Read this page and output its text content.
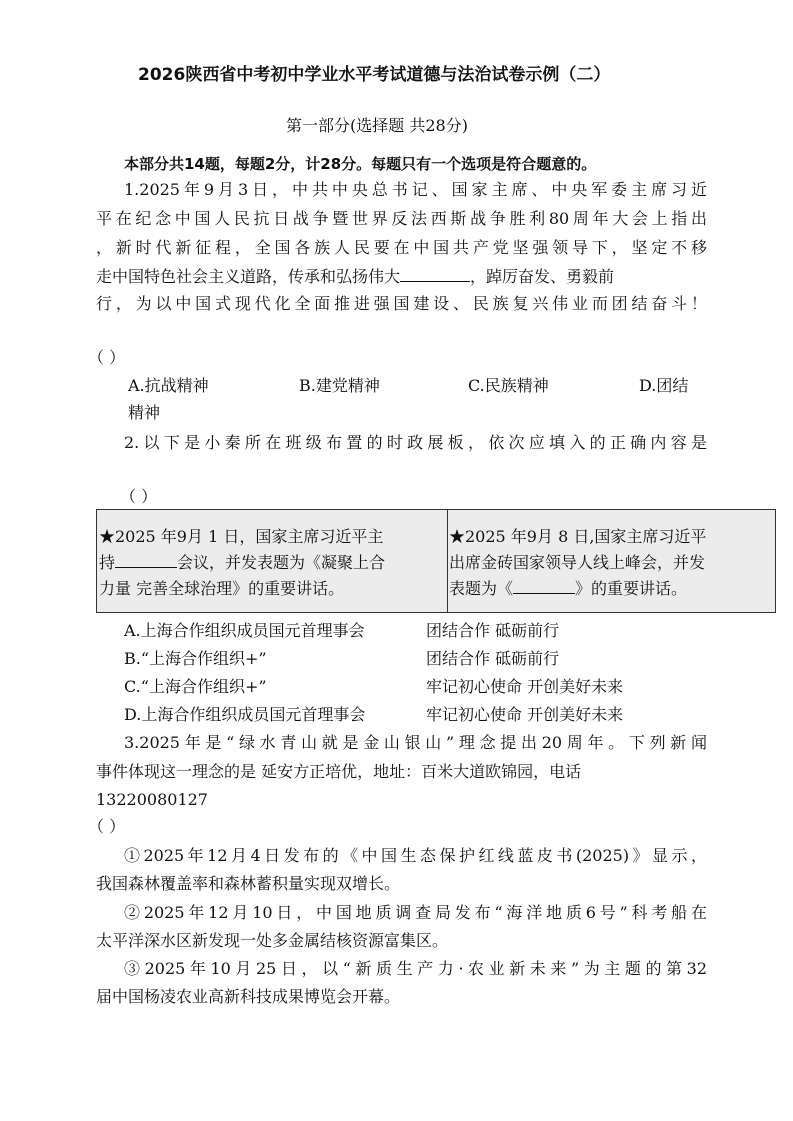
2026陕西省中考初中学业水平考试道德与法治试卷示例（二）
第一部分(选择题 共28分)
本部分共14题，每题2分，计28分。每题只有一个选项是符合题意的。
1.2025年9月3日，中共中央总书记、国家主席、中央军委主席习近
平在纪念中国人民抗日战争暨世界反法西斯战争胜利80周年大会上指出
，新时代新征程，全国各族人民要在中国共产党坚强领导下，坚定不移
走中国特色社会主义道路，传承和弘扬伟大	，踔厉奋发、勇毅前
行，为以中国式现代化全面推进强国建设、民族复兴伟业而团结奋斗！
（ ）
A.抗战精神	B.建党精神	C.民族精神	D.团结
精神
2.以下是小秦所在班级布置的时政展板，依次应填入的正确内容是
（ ）
★2025 年9月 1 日，国家主席习近平主
持	会议，并发表题为《凝聚上合
力量 完善全球治理》的重要讲话。
★2025 年9月 8 日,国家主席习近平
出席金砖国家领导人线上峰会，并发
表题为《	》的重要讲话。
A.上海合作组织成员国元首理事会	团结合作 砥砺前行
B.“上海合作组织+”	团结合作 砥砺前行
C.“上海合作组织+”	牢记初心使命 开创美好未来
D.上海合作组织成员国元首理事会	牢记初心使命 开创美好未来
3.2025年是“绿水青山就是金山银山”理念提出20周年。下列新闻
事件体现这一理念的是 延安方正培优，地址：百米大道欧锦园，电话
13220080127
（ ）
①2025年12月4日发布的《中国生态保护红线蓝皮书(2025)》显示，
我国森林覆盖率和森林蓄积量实现双增长。
②2025年12月10日，中国地质调查局发布“海洋地质6号”科考船在
太平洋深水区新发现一处多金属结核资源富集区。
③2025年10月25日，以“新质生产力·农业新未来”为主题的第32
届中国杨凌农业高新科技成果博览会开幕。
